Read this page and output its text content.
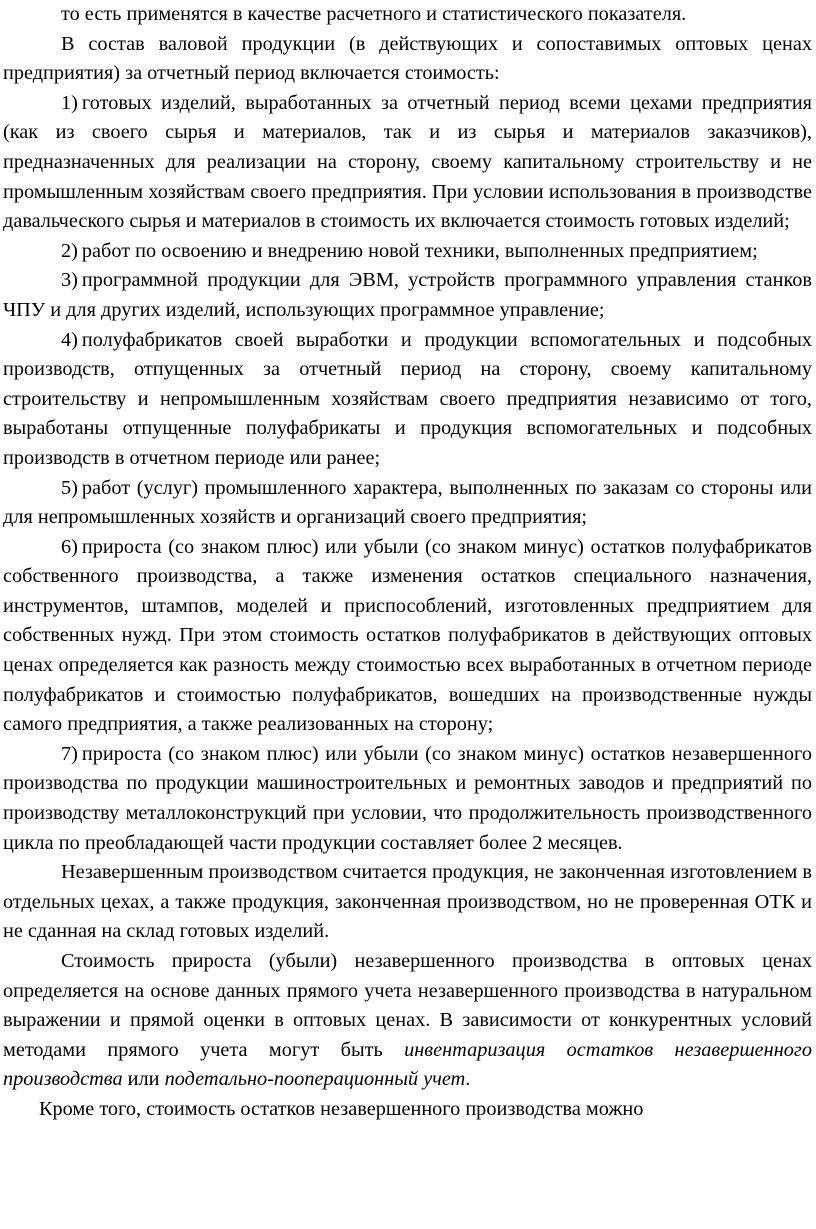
то есть применятся в качестве расчетного и статистического показателя.

В состав валовой продукции (в действующих и сопоставимых оптовых ценах предприятия) за отчетный период включается стоимость:

1) готовых изделий, выработанных за отчетный период всеми цехами предприятия (как из своего сырья и материалов, так и из сырья и материалов заказчиков), предназначенных для реализации на сторону, своему капитальному строительству и не промышленным хозяйствам своего предприятия. При условии использования в производстве давальческого сырья и материалов в стоимость их включается стоимость готовых изделий;

2) работ по освоению и внедрению новой техники, выполненных предприятием;

3) программной продукции для ЭВМ, устройств программного управления станков ЧПУ и для других изделий, использующих программное управление;

4) полуфабрикатов своей выработки и продукции вспомогательных и подсобных производств, отпущенных за отчетный период на сторону, своему капитальному строительству и непромышленным хозяйствам своего предприятия независимо от того, выработаны отпущенные полуфабрикаты и продукция вспомогательных и подсобных производств в отчетном периоде или ранее;

5) работ (услуг) промышленного характера, выполненных по заказам со стороны или для непромышленных хозяйств и организаций своего предприятия;

6) прироста (со знаком плюс) или убыли (со знаком минус) остатков полуфабрикатов собственного производства, а также изменения остатков специального назначения, инструментов, штампов, моделей и приспособлений, изготовленных предприятием для собственных нужд. При этом стоимость остатков полуфабрикатов в действующих оптовых ценах определяется как разность между стоимостью всех выработанных в отчетном периоде полуфабрикатов и стоимостью полуфабрикатов, вошедших на производственные нужды самого предприятия, а также реализованных на сторону;

7) прироста (со знаком плюс) или убыли (со знаком минус) остатков незавершенного производства по продукции машиностроительных и ремонтных заводов и предприятий по производству металлоконструкций при условии, что продолжительность производственного цикла по преобладающей части продукции составляет более 2 месяцев.

Незавершенным производством считается продукция, не законченная изготовлением в отдельных цехах, а также продукция, законченная производством, но не проверенная ОТК и не сданная на склад готовых изделий.

Стоимость прироста (убыли) незавершенного производства в оптовых ценах определяется на основе данных прямого учета незавершенного производства в натуральном выражении и прямой оценки в оптовых ценах. В зависимости от конкурентных условий методами прямого учета могут быть инвентаризация остатков незавершенного производства или подетально-пооперационный учет.

Кроме того, стоимость остатков незавершенного производства можно
